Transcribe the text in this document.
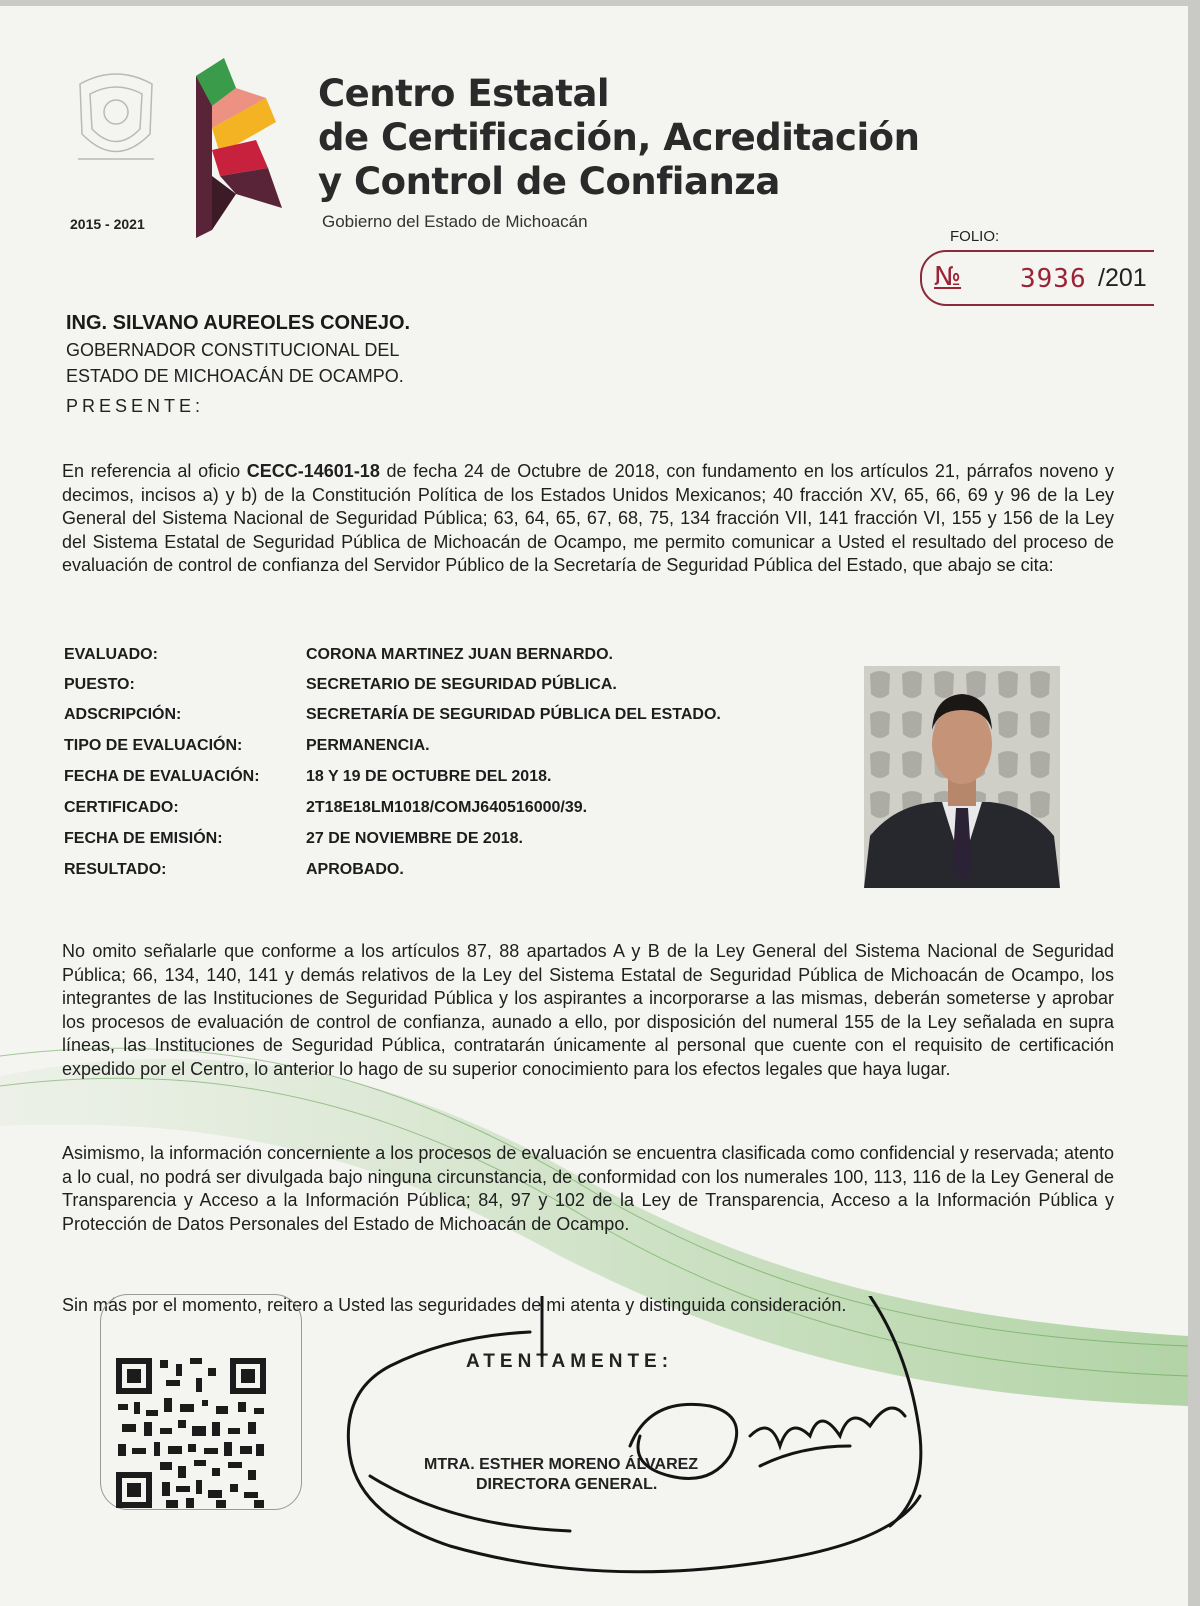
2015 - 2021
Centro Estatal
de Certificación, Acreditación
y Control de Confianza
Gobierno del Estado de Michoacán
FOLIO:
№ 3936 /201
ING. SILVANO AUREOLES CONEJO.
GOBERNADOR CONSTITUCIONAL DEL
ESTADO DE MICHOACÁN DE OCAMPO.
PRESENTE:
En referencia al oficio CECC-14601-18 de fecha 24 de Octubre de 2018, con fundamento en los artículos 21, párrafos noveno y decimos, incisos a) y b) de la Constitución Política de los Estados Unidos Mexicanos; 40 fracción XV, 65, 66, 69 y 96 de la Ley General del Sistema Nacional de Seguridad Pública; 63, 64, 65, 67, 68, 75, 134 fracción VII, 141 fracción VI, 155 y 156 de la Ley del Sistema Estatal de Seguridad Pública de Michoacán de Ocampo, me permito comunicar a Usted el resultado del proceso de evaluación de control de confianza del Servidor Público de la Secretaría de Seguridad Pública del Estado, que abajo se cita:
EVALUADO:	CORONA MARTINEZ JUAN BERNARDO.
PUESTO:	SECRETARIO DE SEGURIDAD PÚBLICA.
ADSCRIPCIÓN:	SECRETARÍA DE SEGURIDAD PÚBLICA DEL ESTADO.
TIPO DE EVALUACIÓN:	PERMANENCIA.
FECHA DE EVALUACIÓN:	18 Y 19 DE OCTUBRE DEL 2018.
CERTIFICADO:	2T18E18LM1018/COMJ640516000/39.
FECHA DE EMISIÓN:	27 DE NOVIEMBRE DE 2018.
RESULTADO:	APROBADO.
No omito señalarle que conforme a los artículos 87, 88 apartados A y B de la Ley General del Sistema Nacional de Seguridad Pública; 66, 134, 140, 141 y demás relativos de la Ley del Sistema Estatal de Seguridad Pública de Michoacán de Ocampo, los integrantes de las Instituciones de Seguridad Pública y los aspirantes a incorporarse a las mismas, deberán someterse y aprobar los procesos de evaluación de control de confianza, aunado a ello, por disposición del numeral 155 de la Ley señalada en supra líneas, las Instituciones de Seguridad Pública, contratarán únicamente al personal que cuente con el requisito de certificación expedido por el Centro, lo anterior lo hago de su superior conocimiento para los efectos legales que haya lugar.
Asimismo, la información concerniente a los procesos de evaluación se encuentra clasificada como confidencial y reservada; atento a lo cual, no podrá ser divulgada bajo ninguna circunstancia, de conformidad con los numerales 100, 113, 116 de la Ley General de Transparencia y Acceso a la Información Pública; 84, 97 y 102 de la Ley de Transparencia, Acceso a la Información Pública y Protección de Datos Personales del Estado de Michoacán de Ocampo.
Sin más por el momento, reitero a Usted las seguridades de mi atenta y distinguida consideración.
ATENTAMENTE:
MTRA. ESTHER MORENO ÁLVAREZ
DIRECTORA GENERAL.
